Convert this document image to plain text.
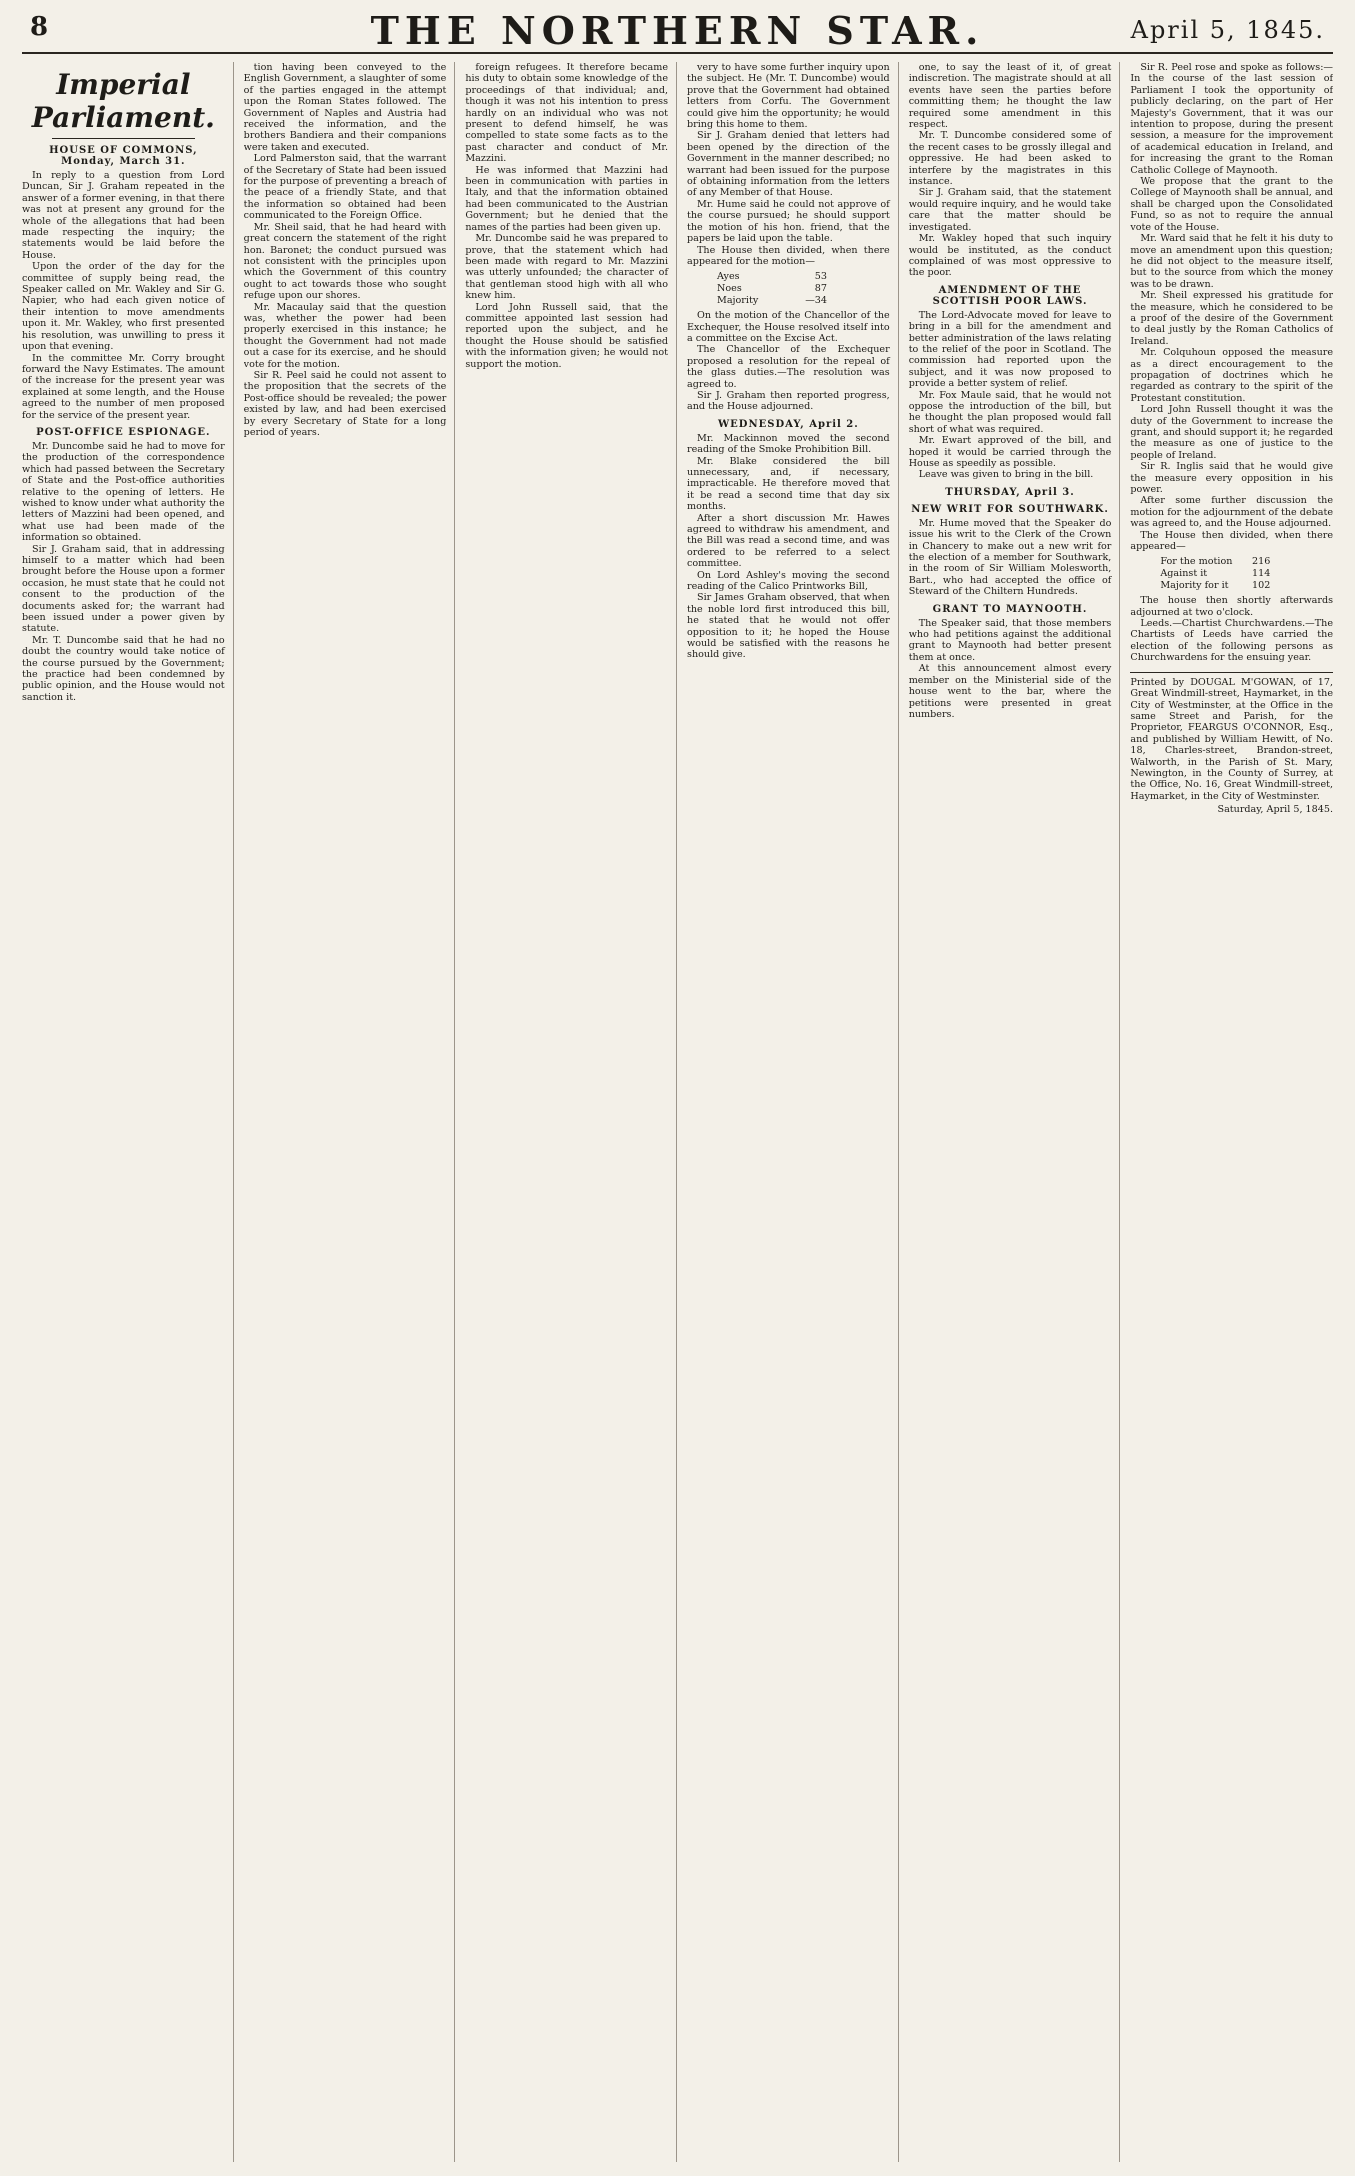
8	THE NORTHERN STAR.	April 5, 1845.
Imperial Parliament.
HOUSE OF COMMONS, Monday, March 31.

In reply to a question from Lord Duncan, Sir J. Graham repeated in the answer of a former evening, in that there was not at present any ground for the whole of the allegations that had been made respecting the inquiry; the statements would be laid before the House.

Upon the order of the day for the committee of supply being read, the Speaker called on Mr. Wakley and Sir G. Napier, who had each given notice of their intention to move amendments upon it. Mr. Wakley, who first presented his resolution, was unwilling to press it upon that evening.

In the committee Mr. Corry brought forward the Navy Estimates. The amount of the increase for the present year was explained at some length, and the House agreed to the number of men proposed for the service of the present year.

POST-OFFICE ESPIONAGE.

Mr. Duncombe said he had to move for the production of the correspondence which had passed between the Secretary of State and the Post-office authorities relative to the opening of letters. He wished to know under what authority the letters of Mazzini had been opened, and what use had been made of the information so obtained.

Sir J. Graham said, that in addressing himself to a matter which had been brought before the House upon a former occasion, he must state that he could not consent to the production of the documents asked for; the warrant had been issued under a power given by statute.

Mr. T. Duncombe said that he had no doubt the country would take notice of the course pursued by the Government; the practice had been condemned by public opinion, and the House would not sanction it.

tion having been conveyed to the English Government, a slaughter of some of the parties engaged in the attempt upon the Roman States followed. The Government of Naples and Austria had received the information, and the brothers Bandiera and their companions were taken and executed.

Lord Palmerston said, that the warrant of the Secretary of State had been issued for the purpose of preventing a breach of the peace of a friendly State, and that the information so obtained had been communicated to the Foreign Office.

Mr. Sheil said, that he had heard with great concern the statement of the right hon. Baronet; the conduct pursued was not consistent with the principles upon which the Government of this country ought to act towards those who sought refuge upon our shores.

Mr. Macaulay said that the question was, whether the power had been properly exercised in this instance; he thought the Government had not made out a case for its exercise, and he should vote for the motion.

Sir R. Peel said he could not assent to the proposition that the secrets of the Post-office should be revealed; the power existed by law, and had been exercised by every Secretary of State for a long period of years.

foreign refugees. It therefore became his duty to obtain some knowledge of the proceedings of that individual; and, though it was not his intention to press hardly on an individual who was not present to defend himself, he was compelled to state some facts as to the past character and conduct of Mr. Mazzini.

He was informed that Mazzini had been in communication with parties in Italy, and that the information obtained had been communicated to the Austrian Government; but he denied that the names of the parties had been given up.

Mr. Duncombe said he was prepared to prove, that the statement which had been made with regard to Mr. Mazzini was utterly unfounded; the character of that gentleman stood high with all who knew him.

Lord John Russell said, that the committee appointed last session had reported upon the subject, and he thought the House should be satisfied with the information given; he would not support the motion.

very to have some further inquiry upon the subject. He (Mr. T. Duncombe) would prove that the Government had obtained letters from Corfu. The Government could give him the opportunity; he would bring this home to them.

Sir J. Graham denied that letters had been opened by the direction of the Government in the manner described; no warrant had been issued for the purpose of obtaining information from the letters of any Member of that House.

Mr. Hume said he could not approve of the course pursued; he should support the motion of his hon. friend, that the papers be laid upon the table.

The House then divided, when there appeared for the motion—

Ayes	53
Noes	87
Majority	—34

On the motion of the Chancellor of the Exchequer, the House resolved itself into a committee on the Excise Act.

The Chancellor of the Exchequer proposed a resolution for the repeal of the glass duties.—The resolution was agreed to.

Sir J. Graham then reported progress, and the House adjourned.

WEDNESDAY, April 2.

Mr. Mackinnon moved the second reading of the Smoke Prohibition Bill.

Mr. Blake considered the bill unnecessary, and, if necessary, impracticable. He therefore moved that it be read a second time that day six months.

After a short discussion Mr. Hawes agreed to withdraw his amendment, and the Bill was read a second time, and was ordered to be referred to a select committee.

On Lord Ashley's moving the second reading of the Calico Printworks Bill,

Sir James Graham observed, that when the noble lord first introduced this bill, he stated that he would not offer opposition to it; he hoped the House would be satisfied with the reasons he should give.

one, to say the least of it, of great indiscretion. The magistrate should at all events have seen the parties before committing them; he thought the law required some amendment in this respect.

Mr. T. Duncombe considered some of the recent cases to be grossly illegal and oppressive. He had been asked to interfere by the magistrates in this instance.

Sir J. Graham said, that the statement would require inquiry, and he would take care that the matter should be investigated.

Mr. Wakley hoped that such inquiry would be instituted, as the conduct complained of was most oppressive to the poor.

AMENDMENT OF THE SCOTTISH POOR LAWS.

The Lord-Advocate moved for leave to bring in a bill for the amendment and better administration of the laws relating to the relief of the poor in Scotland. The commission had reported upon the subject, and it was now proposed to provide a better system of relief.

Mr. Fox Maule said, that he would not oppose the introduction of the bill, but he thought the plan proposed would fall short of what was required.

Mr. Ewart approved of the bill, and hoped it would be carried through the House as speedily as possible.

Leave was given to bring in the bill.

THURSDAY, April 3.
NEW WRIT FOR SOUTHWARK.

Mr. Hume moved that the Speaker do issue his writ to the Clerk of the Crown in Chancery to make out a new writ for the election of a member for Southwark, in the room of Sir William Molesworth, Bart., who had accepted the office of Steward of the Chiltern Hundreds.

GRANT TO MAYNOOTH.

The Speaker said, that those members who had petitions against the additional grant to Maynooth had better present them at once.

At this announcement almost every member on the Ministerial side of the house went to the bar, where the petitions were presented in great numbers.

Sir R. Peel rose and spoke as follows:—In the course of the last session of Parliament I took the opportunity of publicly declaring, on the part of Her Majesty's Government, that it was our intention to propose, during the present session, a measure for the improvement of academical education in Ireland, and for increasing the grant to the Roman Catholic College of Maynooth.

We propose that the grant to the College of Maynooth shall be annual, and shall be charged upon the Consolidated Fund, so as not to require the annual vote of the House.

Mr. Ward said that he felt it his duty to move an amendment upon this question; he did not object to the measure itself, but to the source from which the money was to be drawn.

Mr. Sheil expressed his gratitude for the measure, which he considered to be a proof of the desire of the Government to deal justly by the Roman Catholics of Ireland.

Mr. Colquhoun opposed the measure as a direct encouragement to the propagation of doctrines which he regarded as contrary to the spirit of the Protestant constitution.

Lord John Russell thought it was the duty of the Government to increase the grant, and should support it; he regarded the measure as one of justice to the people of Ireland.

Sir R. Inglis said that he would give the measure every opposition in his power.

After some further discussion the motion for the adjournment of the debate was agreed to, and the House adjourned.

The House then divided, when there appeared—

For the motion 216
Against it	114
Majority for it 102

The house then shortly afterwards adjourned at two o'clock.

Leeds.—Chartist Churchwardens.—The Chartists of Leeds have carried the election of the following persons as Churchwardens for the ensuing year.

Printed by DOUGAL M'GOWAN, of 17, Great Windmill-street, Haymarket, in the City of Westminster, at the Office in the same Street and Parish, for the Proprietor, FEARGUS O'CONNOR, Esq., and published by William Hewitt, of No. 18, Charles-street, Brandon-street, Walworth, in the Parish of St. Mary, Newington, in the County of Surrey, at the Office, No. 16, Great Windmill-street, Haymarket, in the City of Westminster.
Saturday, April 5, 1845.
